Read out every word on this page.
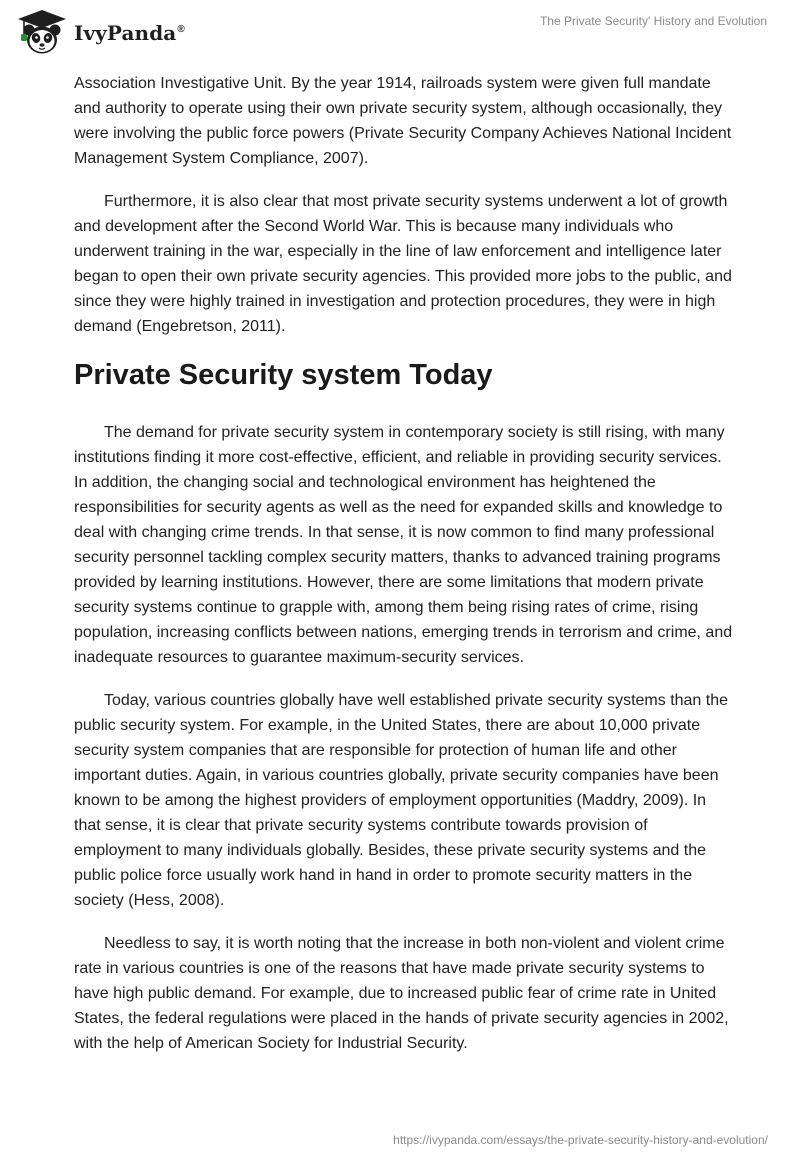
IvyPanda®
The Private Security' History and Evolution

Association Investigative Unit. By the year 1914, railroads system were given full mandate and authority to operate using their own private security system, although occasionally, they were involving the public force powers (Private Security Company Achieves National Incident Management System Compliance, 2007).

Furthermore, it is also clear that most private security systems underwent a lot of growth and development after the Second World War. This is because many individuals who underwent training in the war, especially in the line of law enforcement and intelligence later began to open their own private security agencies. This provided more jobs to the public, and since they were highly trained in investigation and protection procedures, they were in high demand (Engebretson, 2011).

Private Security system Today

The demand for private security system in contemporary society is still rising, with many institutions finding it more cost-effective, efficient, and reliable in providing security services. In addition, the changing social and technological environment has heightened the responsibilities for security agents as well as the need for expanded skills and knowledge to deal with changing crime trends. In that sense, it is now common to find many professional security personnel tackling complex security matters, thanks to advanced training programs provided by learning institutions. However, there are some limitations that modern private security systems continue to grapple with, among them being rising rates of crime, rising population, increasing conflicts between nations, emerging trends in terrorism and crime, and inadequate resources to guarantee maximum-security services.

Today, various countries globally have well established private security systems than the public security system. For example, in the United States, there are about 10,000 private security system companies that are responsible for protection of human life and other important duties. Again, in various countries globally, private security companies have been known to be among the highest providers of employment opportunities (Maddry, 2009). In that sense, it is clear that private security systems contribute towards provision of employment to many individuals globally. Besides, these private security systems and the public police force usually work hand in hand in order to promote security matters in the society (Hess, 2008).

Needless to say, it is worth noting that the increase in both non-violent and violent crime rate in various countries is one of the reasons that have made private security systems to have high public demand. For example, due to increased public fear of crime rate in United States, the federal regulations were placed in the hands of private security agencies in 2002, with the help of American Society for Industrial Security.

https://ivypanda.com/essays/the-private-security-history-and-evolution/
